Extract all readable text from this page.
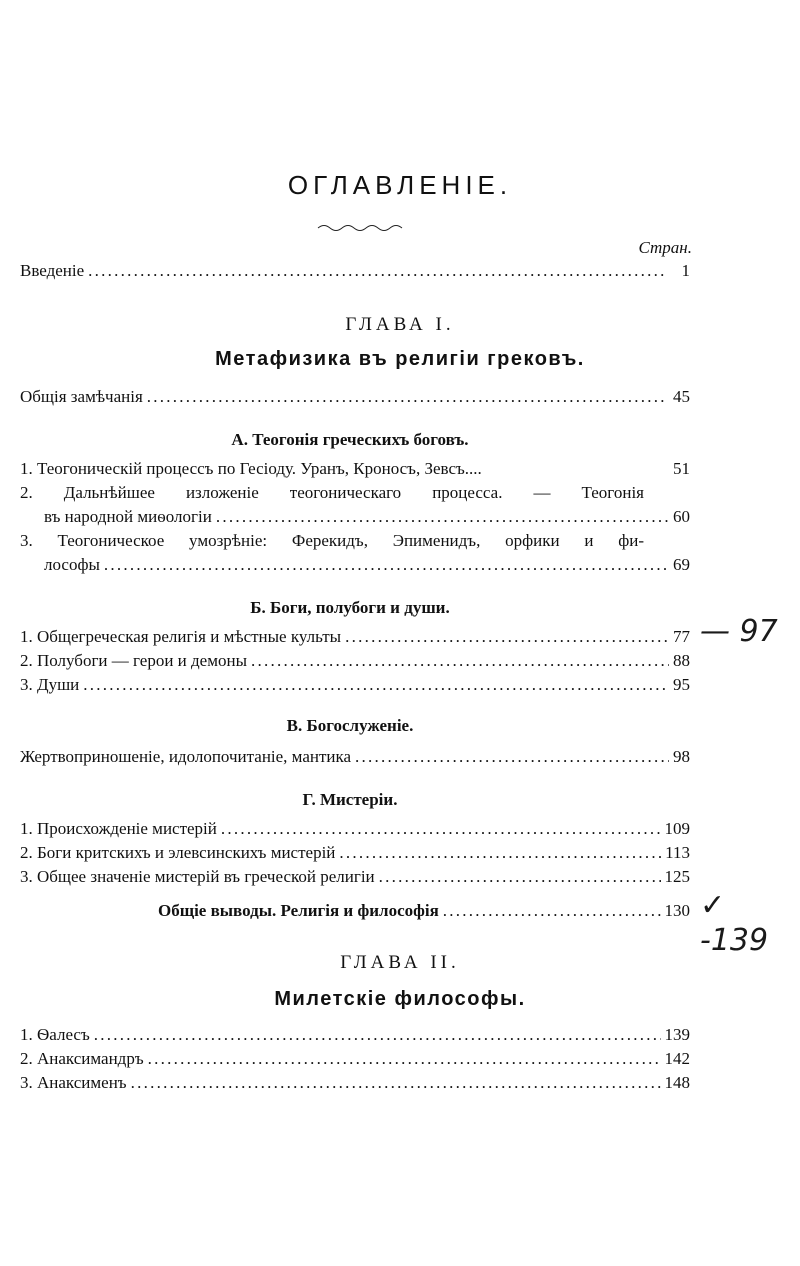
ОГЛАВЛЕНІЕ.
Стран.
Введеніе . . .	1
ГЛАВА I.
Метафизика въ религіи грековъ.
Общія замѣчанія . . .	45
А. Теогонія греческихъ боговъ.
1. Теогоническій процессъ по Гесіоду. Уранъ, Кроносъ, Зевсъ....	51
2. Дальнѣйшее изложеніе теогоническаго процесса. — Теогонія
въ народной миѳологіи . . .	60
3. Теогоническое умозрѣніе: Ферекидъ, Эпименидъ, орфики и фи-
лософы . . .	69
Б. Боги, полубоги и души.
1. Общегреческая религія и мѣстные культы . . .	77
2. Полубоги — герои и демоны . . .	88
3. Души . . .	95
В. Богослуженіе.
Жертвоприношеніе, идолопочитаніе, мантика . . .	98
Г. Мистеріи.
1. Происхожденіе мистерій . . .	109
2. Боги критскихъ и элевсинскихъ мистерій . . .	113
3. Общее значеніе мистерій въ греческой религіи . . .	125
Общіе выводы. Религія и философія . . .	130
ГЛАВА II.
Милетскіе философы.
1. Ѳалесъ . . .	139
2. Анаксимандръ . . .	142
3. Анаксименъ . . .	148
— 97
✓ -139
